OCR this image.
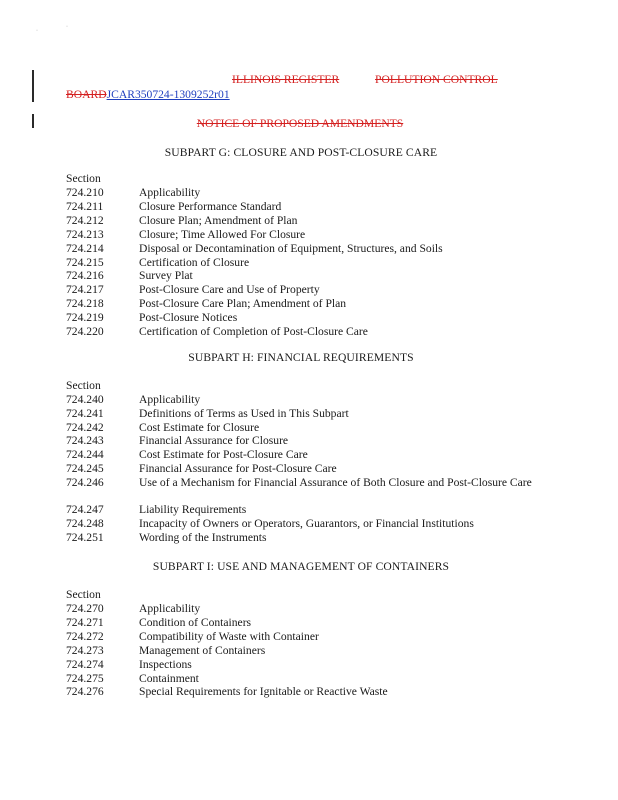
·
·
ILLINOIS REGISTER	POLLUTION CONTROL
BOARDJCAR350724-1309252r01
NOTICE OF PROPOSED AMENDMENTS
SUBPART G: CLOSURE AND POST-CLOSURE CARE
Section
724.210	Applicability
724.211	Closure Performance Standard
724.212	Closure Plan; Amendment of Plan
724.213	Closure; Time Allowed For Closure
724.214	Disposal or Decontamination of Equipment, Structures, and Soils
724.215	Certification of Closure
724.216	Survey Plat
724.217	Post-Closure Care and Use of Property
724.218	Post-Closure Care Plan; Amendment of Plan
724.219	Post-Closure Notices
724.220	Certification of Completion of Post-Closure Care
SUBPART H: FINANCIAL REQUIREMENTS
Section
724.240	Applicability
724.241	Definitions of Terms as Used in This Subpart
724.242	Cost Estimate for Closure
724.243	Financial Assurance for Closure
724.244	Cost Estimate for Post-Closure Care
724.245	Financial Assurance for Post-Closure Care
724.246	Use of a Mechanism for Financial Assurance of Both Closure and Post-Closure Care
724.247	Liability Requirements
724.248	Incapacity of Owners or Operators, Guarantors, or Financial Institutions
724.251	Wording of the Instruments
SUBPART I: USE AND MANAGEMENT OF CONTAINERS
Section
724.270	Applicability
724.271	Condition of Containers
724.272	Compatibility of Waste with Container
724.273	Management of Containers
724.274	Inspections
724.275	Containment
724.276	Special Requirements for Ignitable or Reactive Waste
